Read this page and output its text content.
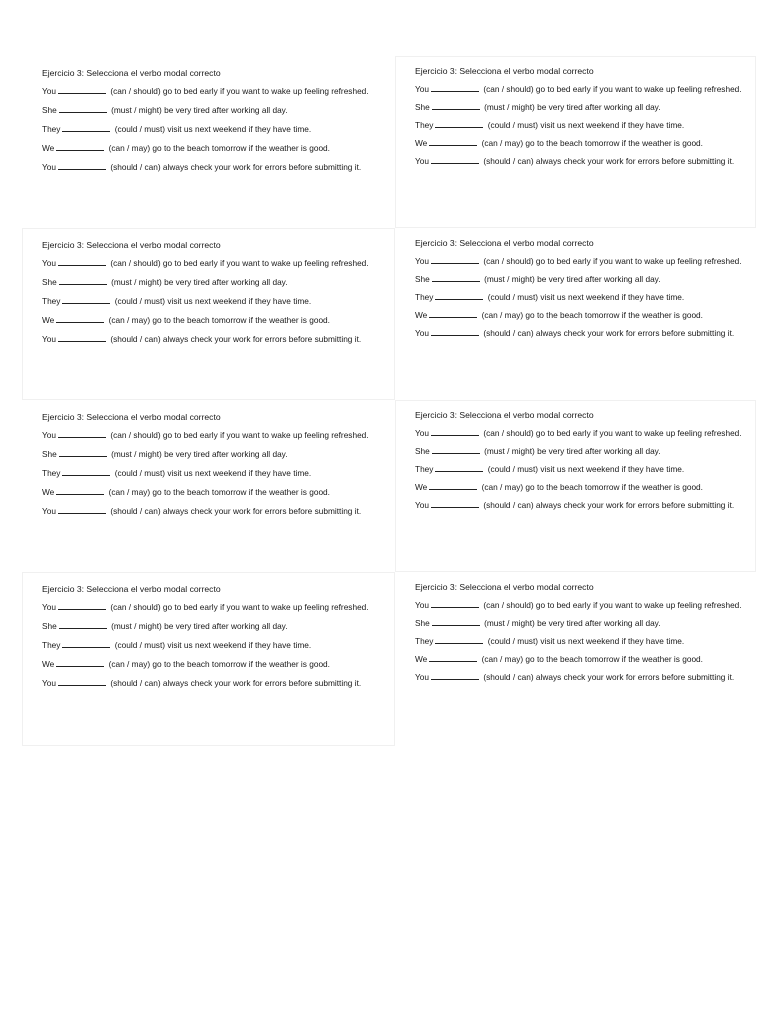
Ejercicio 3: Selecciona el verbo modal correcto
You	(can / should) go to bed early if you want to wake up feeling refreshed.
She	(must / might) be very tired after working all day.
They	(could / must) visit us next weekend if they have time.
We	(can / may) go to the beach tomorrow if the weather is good.
You	(should / can) always check your work for errors before submitting it.
Ejercicio 3: Selecciona el verbo modal correcto
You	(can / should) go to bed early if you want to wake up feeling refreshed.
She	(must / might) be very tired after working all day.
They	(could / must) visit us next weekend if they have time.
We	(can / may) go to the beach tomorrow if the weather is good.
You	(should / can) always check your work for errors before submitting it.
Ejercicio 3: Selecciona el verbo modal correcto
You	(can / should) go to bed early if you want to wake up feeling refreshed.
She	(must / might) be very tired after working all day.
They	(could / must) visit us next weekend if they have time.
We	(can / may) go to the beach tomorrow if the weather is good.
You	(should / can) always check your work for errors before submitting it.
Ejercicio 3: Selecciona el verbo modal correcto
You	(can / should) go to bed early if you want to wake up feeling refreshed.
She	(must / might) be very tired after working all day.
They	(could / must) visit us next weekend if they have time.
We	(can / may) go to the beach tomorrow if the weather is good.
You	(should / can) always check your work for errors before submitting it.
Ejercicio 3: Selecciona el verbo modal correcto
You	(can / should) go to bed early if you want to wake up feeling refreshed.
She	(must / might) be very tired after working all day.
They	(could / must) visit us next weekend if they have time.
We	(can / may) go to the beach tomorrow if the weather is good.
You	(should / can) always check your work for errors before submitting it.
Ejercicio 3: Selecciona el verbo modal correcto
You	(can / should) go to bed early if you want to wake up feeling refreshed.
She	(must / might) be very tired after working all day.
They	(could / must) visit us next weekend if they have time.
We	(can / may) go to the beach tomorrow if the weather is good.
You	(should / can) always check your work for errors before submitting it.
Ejercicio 3: Selecciona el verbo modal correcto
You	(can / should) go to bed early if you want to wake up feeling refreshed.
She	(must / might) be very tired after working all day.
They	(could / must) visit us next weekend if they have time.
We	(can / may) go to the beach tomorrow if the weather is good.
You	(should / can) always check your work for errors before submitting it.
Ejercicio 3: Selecciona el verbo modal correcto
You	(can / should) go to bed early if you want to wake up feeling refreshed.
She	(must / might) be very tired after working all day.
They	(could / must) visit us next weekend if they have time.
We	(can / may) go to the beach tomorrow if the weather is good.
You	(should / can) always check your work for errors before submitting it.
